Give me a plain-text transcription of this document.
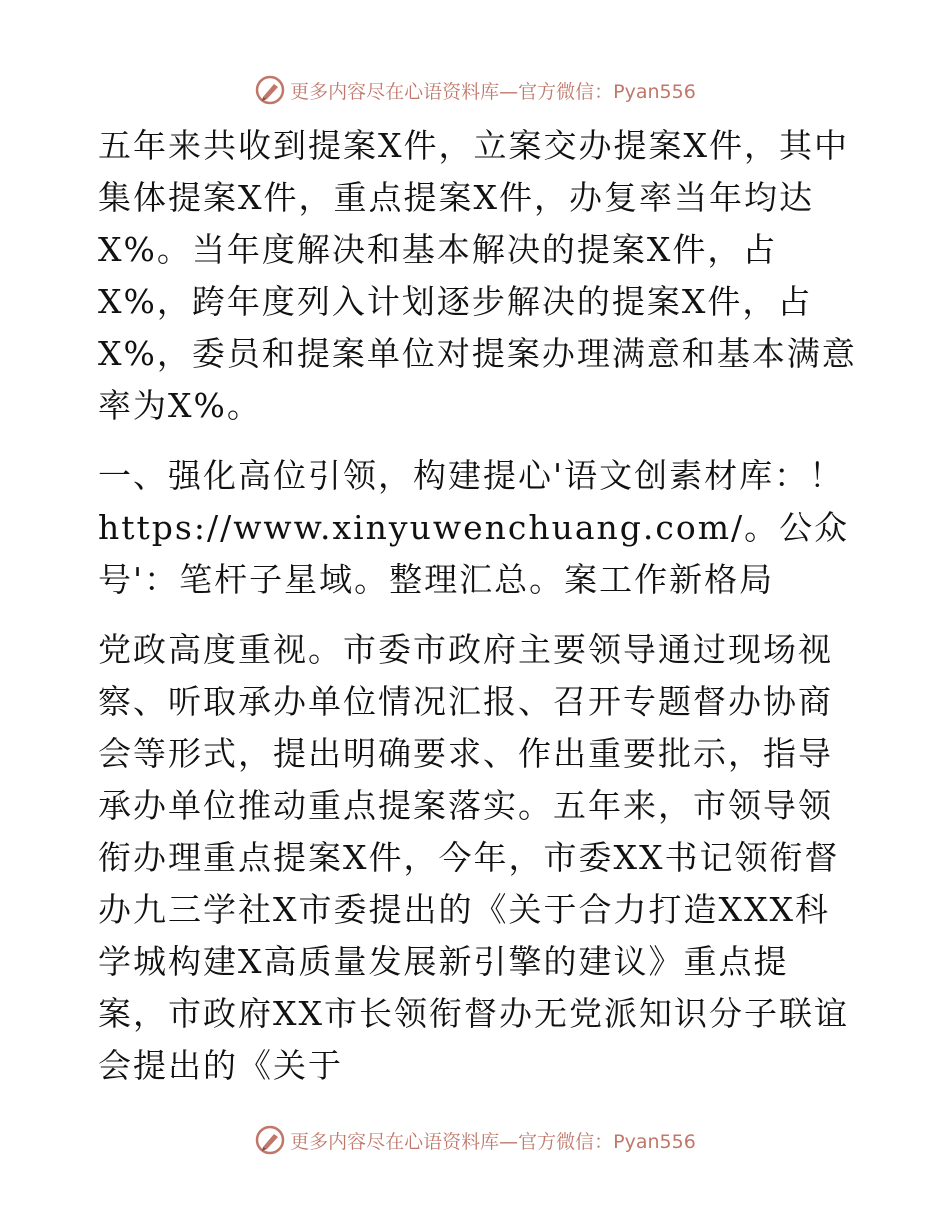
更多内容尽在心语资料库—官方微信：Pyan556

五年来共收到提案X件，立案交办提案X件，其中集体提案X件，重点提案X件，办复率当年均达X%。当年度解决和基本解决的提案X件，占X%，跨年度列入计划逐步解决的提案X件，占X%，委员和提案单位对提案办理满意和基本满意率为X%。

一、强化高位引领，构建提心'语文创素材库：！https://www.xinyuwenchuang.com/。公众号'：笔杆子星域。整理汇总。案工作新格局

党政高度重视。市委市政府主要领导通过现场视察、听取承办单位情况汇报、召开专题督办协商会等形式，提出明确要求、作出重要批示，指导承办单位推动重点提案落实。五年来，市领导领衔办理重点提案X件，今年，市委XX书记领衔督办九三学社X市委提出的《关于合力打造XXX科学城构建X高质量发展新引擎的建议》重点提案，市政府XX市长领衔督办无党派知识分子联谊会提出的《关于

更多内容尽在心语资料库—官方微信：Pyan556
